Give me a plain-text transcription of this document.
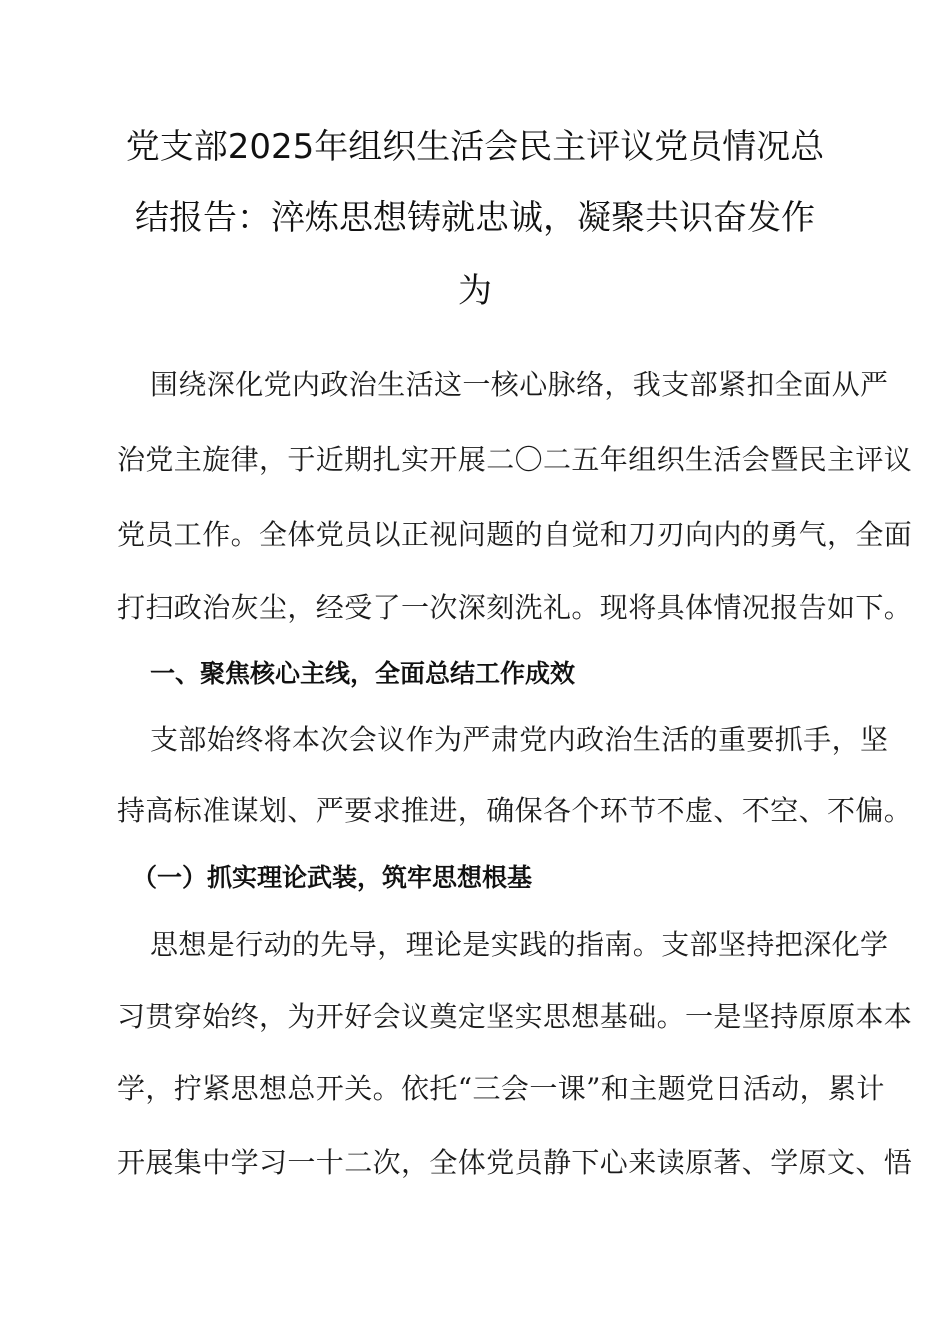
党支部2025年组织生活会民主评议党员情况总
结报告：淬炼思想铸就忠诚，凝聚共识奋发作
为
围绕深化党内政治生活这一核心脉络，我支部紧扣全面从严
治党主旋律，于近期扎实开展二〇二五年组织生活会暨民主评议
党员工作。全体党员以正视问题的自觉和刀刃向内的勇气，全面
打扫政治灰尘，经受了一次深刻洗礼。现将具体情况报告如下。
一、聚焦核心主线，全面总结工作成效
支部始终将本次会议作为严肃党内政治生活的重要抓手，坚
持高标准谋划、严要求推进，确保各个环节不虚、不空、不偏。
（一）抓实理论武装，筑牢思想根基
思想是行动的先导，理论是实践的指南。支部坚持把深化学
习贯穿始终，为开好会议奠定坚实思想基础。一是坚持原原本本
学，拧紧思想总开关。依托“三会一课”和主题党日活动，累计
开展集中学习一十二次，全体党员静下心来读原著、学原文、悟
